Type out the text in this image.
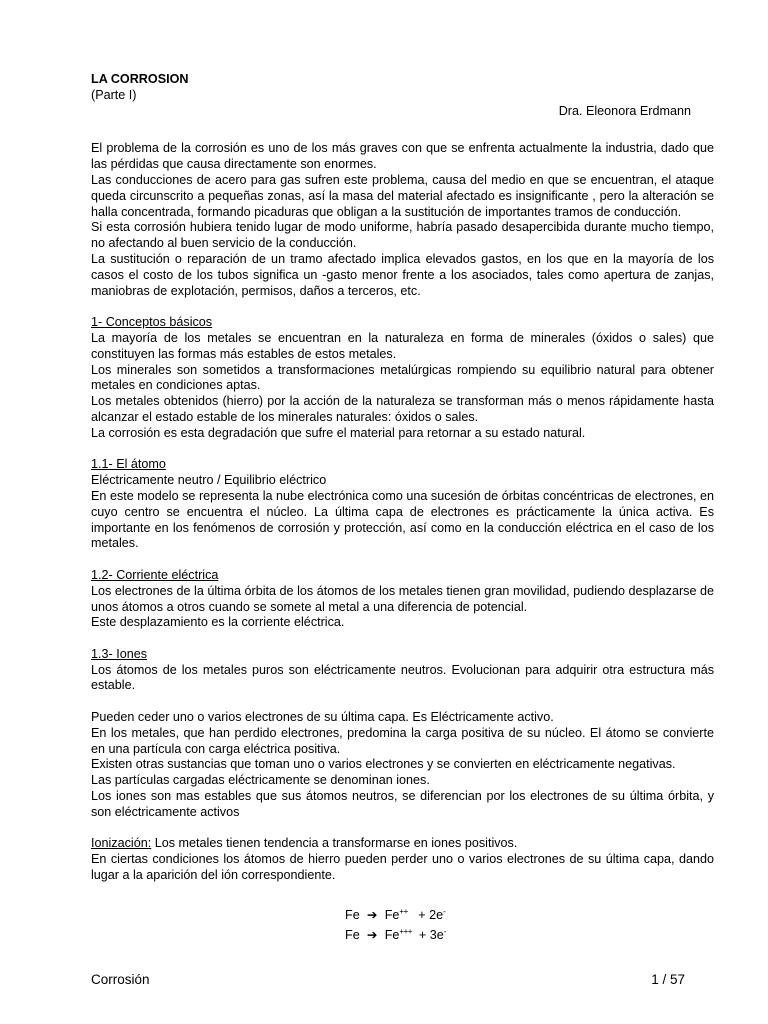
LA CORROSION

(Parte I)

Dra. Eleonora Erdmann

El problema de la corrosión es uno de los más graves con que se enfrenta actualmente la industria, dado que las pérdidas que causa directamente son enormes.

Las conducciones de acero para gas sufren este problema, causa del medio en que se encuentran, el ataque queda circunscrito a pequeñas zonas, así la masa del material afectado es insignificante , pero la alteración se halla concentrada, formando picaduras que obligan a la sustitución de importantes tramos de conducción.

Si esta corrosión hubiera tenido lugar de modo uniforme, habría pasado desapercibida durante mucho tiempo, no afectando al buen servicio de la conducción.

La sustitución o reparación de un tramo afectado implica elevados gastos, en los que en la mayoría de los casos el costo de los tubos significa un -gasto menor frente a los asociados, tales como apertura de zanjas, maniobras de explotación, permisos, daños a terceros, etc.

1- Conceptos básicos

La mayoría de los metales se encuentran en la naturaleza en forma de minerales (óxidos o sales) que constituyen las formas más estables de estos metales.

Los minerales son sometidos a transformaciones metalúrgicas rompiendo su equilibrio natural para obtener metales en condiciones aptas.

Los metales obtenidos (hierro) por la acción de la naturaleza se transforman más o menos rápidamente hasta alcanzar el estado estable de los minerales naturales: óxidos o sales.

La corrosión es esta degradación que sufre el material para retornar a su estado natural.

1.1- El átomo

Eléctricamente neutro / Equilibrio eléctrico

En este modelo se representa la nube electrónica como una sucesión de órbitas concéntricas de electrones, en cuyo centro se encuentra el núcleo. La última capa de electrones es prácticamente la única activa. Es importante en los fenómenos de corrosión y protección, así como en la conducción eléctrica en el caso de los metales.

1.2- Corriente eléctrica

Los electrones de la última órbita de los átomos de los metales tienen gran movilidad, pudiendo desplazarse de unos átomos a otros cuando se somete al metal a una diferencia de potencial.

Este desplazamiento es la corriente eléctrica.

1.3- Iones

Los átomos de los metales puros son eléctricamente neutros. Evolucionan para adquirir otra estructura más estable.

Pueden ceder uno o varios electrones de su última capa. Es Eléctricamente activo.

En los metales, que han perdido electrones, predomina la carga positiva de su núcleo. El átomo se convierte en una partícula con carga eléctrica positiva.

Existen otras sustancias que toman uno o varios electrones y se convierten en eléctricamente negativas.

Las partículas cargadas eléctricamente se denominan iones.

Los iones son mas estables que sus átomos neutros, se diferencian por los electrones de su última órbita, y son eléctricamente activos

Ionización: Los metales tienen tendencia a transformarse en iones positivos.

En ciertas condiciones los átomos de hierro pueden perder uno o varios electrones de su última capa, dando lugar a la aparición del ión correspondiente.

Fe ➔ Fe++ + 2e-

Fe ➔ Fe+++ + 3e-

Corrosión	1 / 57
